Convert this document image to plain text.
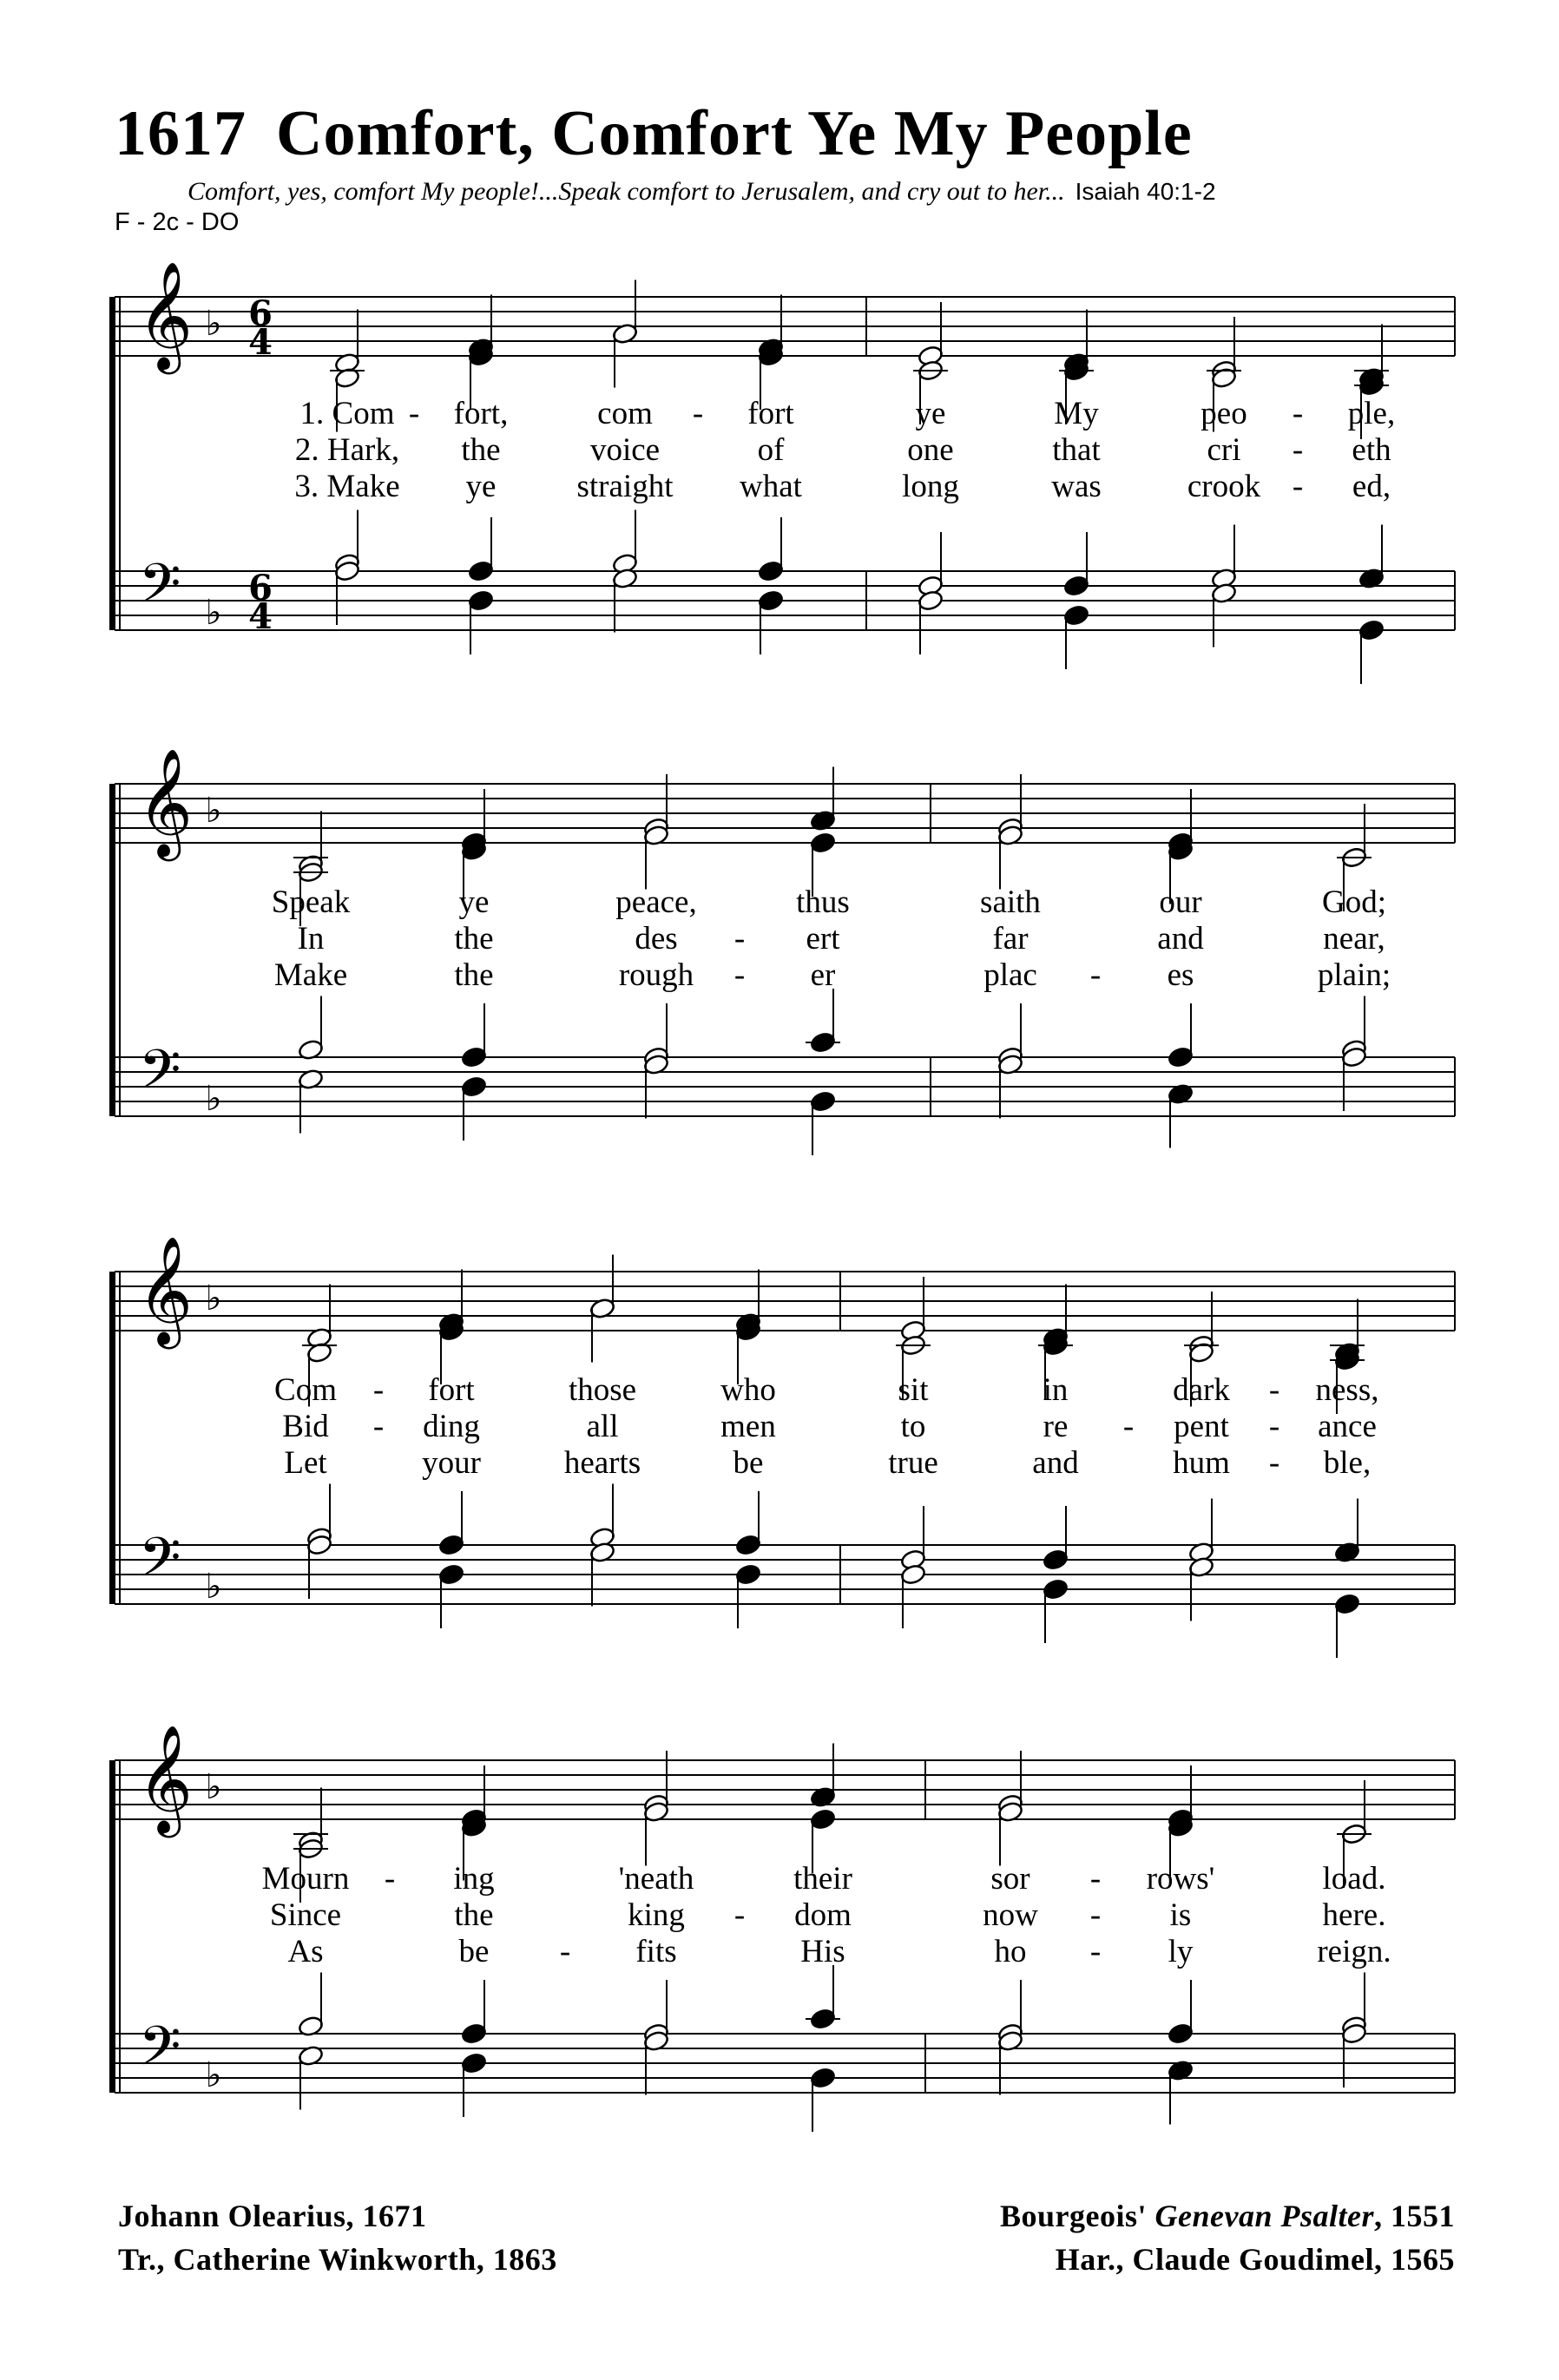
1617 Comfort, Comfort Ye My People
Comfort, yes, comfort My people!...Speak comfort to Jerusalem, and cry out to her... Isaiah 40:1-2
F - 2c - DO
𝄞
𝄢
♭
♭
6
4
6
4
𝄞
𝄢
♭
♭
𝄞
𝄢
♭
♭
𝄞
𝄢
♭
♭
1. Com fort,	com	fort	ye	My	peo	ple,
-	-	-
2. Hark, the	voice	of	one	that	cri	eth
-
3. Make ye	straight what	long	was	crook	ed,
-
Speak	ye	peace,	thus	saith	our	God;
In	the	des	ert	far	and	near,
-
Make	the	rough	er	plac	es	plain;
-	-
Com	fort	those	who	sit	in	dark	ness,
-	-
Bid	ding	all	men	to	re	pent	ance
-	-	-
Let	your	hearts	be	true	and	hum	ble,
-
Mourn	ing	'neath	their	sor	rows'	load.
-	-
Since	the	king	dom	now	is	here.
-	-
As	be	fits	His	ho	ly	reign.
-	-
Johann Olearius, 1671
Tr., Catherine Winkworth, 1863
Bourgeois' Genevan Psalter, 1551
Har., Claude Goudimel, 1565
